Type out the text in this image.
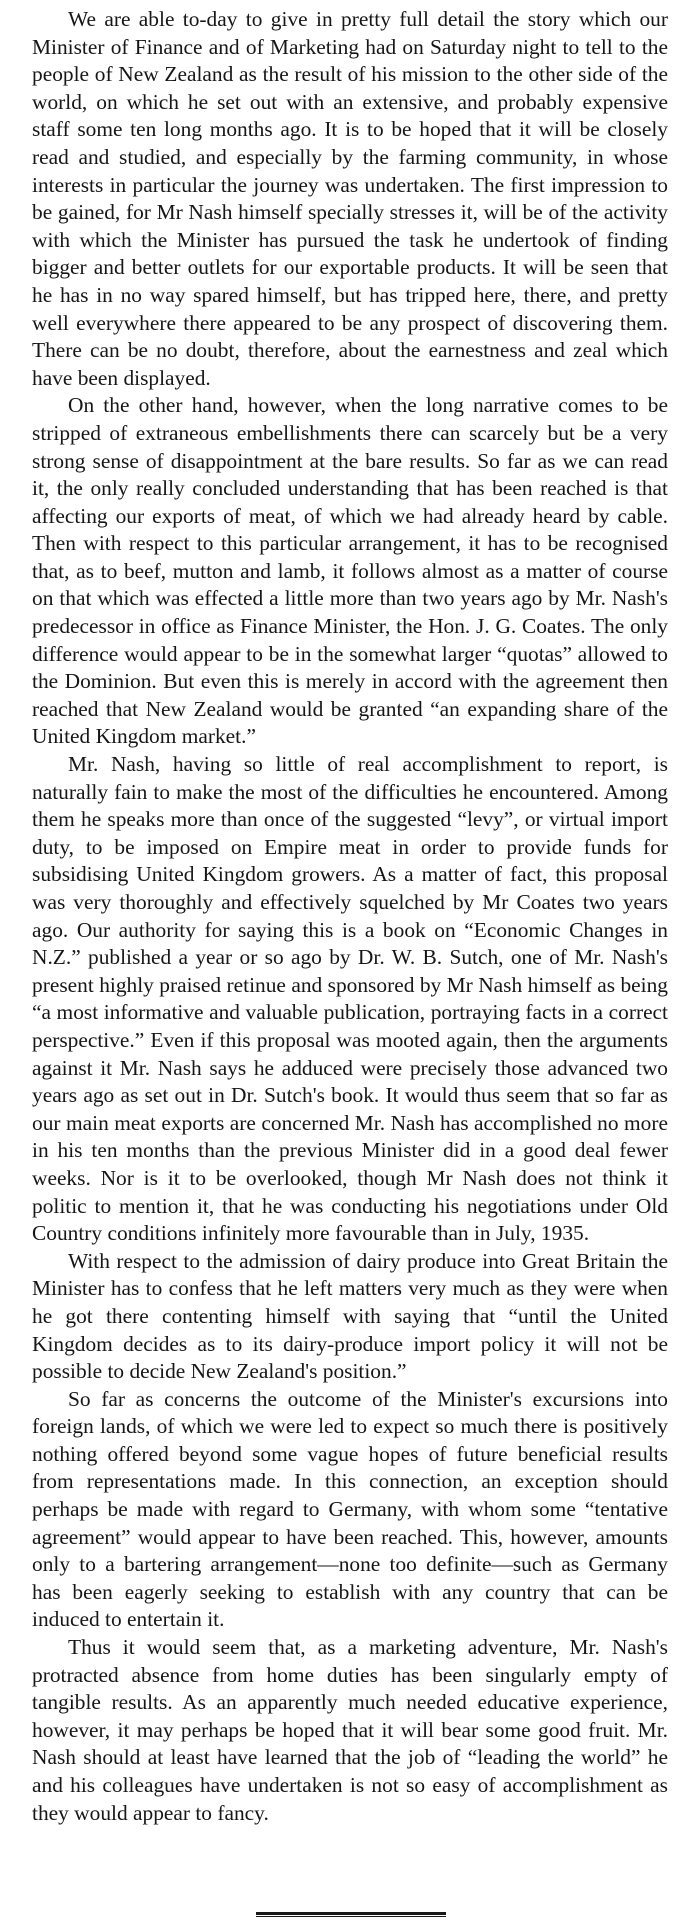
We are able to-day to give in pretty full detail the story which our Minister of Finance and of Marketing had on Saturday night to tell to the people of New Zealand as the result of his mission to the other side of the world, on which he set out with an extensive, and probably expensive staff some ten long months ago. It is to be hoped that it will be closely read and studied, and especially by the farming community, in whose interests in particular the journey was undertaken. The first impression to be gained, for Mr Nash himself specially stresses it, will be of the activity with which the Minister has pursued the task he undertook of finding bigger and better outlets for our exportable products. It will be seen that he has in no way spared himself, but has tripped here, there, and pretty well everywhere there appeared to be any prospect of discovering them. There can be no doubt, therefore, about the earnestness and zeal which have been displayed.

On the other hand, however, when the long narrative comes to be stripped of extraneous embellishments there can scarcely but be a very strong sense of disappointment at the bare results. So far as we can read it, the only really concluded understanding that has been reached is that affecting our exports of meat, of which we had already heard by cable. Then with respect to this particular arrangement, it has to be recognised that, as to beef, mutton and lamb, it follows almost as a matter of course on that which was effected a little more than two years ago by Mr. Nash's predecessor in office as Finance Minister, the Hon. J. G. Coates. The only difference would appear to be in the somewhat larger “quotas” allowed to the Dominion. But even this is merely in accord with the agreement then reached that New Zealand would be granted “an expanding share of the United Kingdom market.”

Mr. Nash, having so little of real accomplishment to report, is naturally fain to make the most of the difficulties he encountered. Among them he speaks more than once of the suggested “levy”, or virtual import duty, to be imposed on Empire meat in order to provide funds for subsidising United Kingdom growers. As a matter of fact, this proposal was very thoroughly and effectively squelched by Mr Coates two years ago. Our authority for saying this is a book on “Economic Changes in N.Z.” published a year or so ago by Dr. W. B. Sutch, one of Mr. Nash's present highly praised retinue and sponsored by Mr Nash himself as being “a most informative and valuable publication, portraying facts in a correct perspective.” Even if this proposal was mooted again, then the arguments against it Mr. Nash says he adduced were precisely those advanced two years ago as set out in Dr. Sutch's book. It would thus seem that so far as our main meat exports are concerned Mr. Nash has accomplished no more in his ten months than the previous Minister did in a good deal fewer weeks. Nor is it to be overlooked, though Mr Nash does not think it politic to mention it, that he was conducting his negotiations under Old Country conditions infinitely more favourable than in July, 1935.

With respect to the admission of dairy produce into Great Britain the Minister has to confess that he left matters very much as they were when he got there contenting himself with saying that “until the United Kingdom decides as to its dairy-produce import policy it will not be possible to decide New Zealand's position.”

So far as concerns the outcome of the Minister's excursions into foreign lands, of which we were led to expect so much there is positively nothing offered beyond some vague hopes of future beneficial results from representations made. In this connection, an exception should perhaps be made with regard to Germany, with whom some “tentative agreement” would appear to have been reached. This, however, amounts only to a bartering arrangement—none too definite—such as Germany has been eagerly seeking to establish with any country that can be induced to entertain it.

Thus it would seem that, as a marketing adventure, Mr. Nash's protracted absence from home duties has been singularly empty of tangible results. As an apparently much needed educative experience, however, it may perhaps be hoped that it will bear some good fruit. Mr. Nash should at least have learned that the job of “leading the world” he and his colleagues have undertaken is not so easy of accomplishment as they would appear to fancy.
